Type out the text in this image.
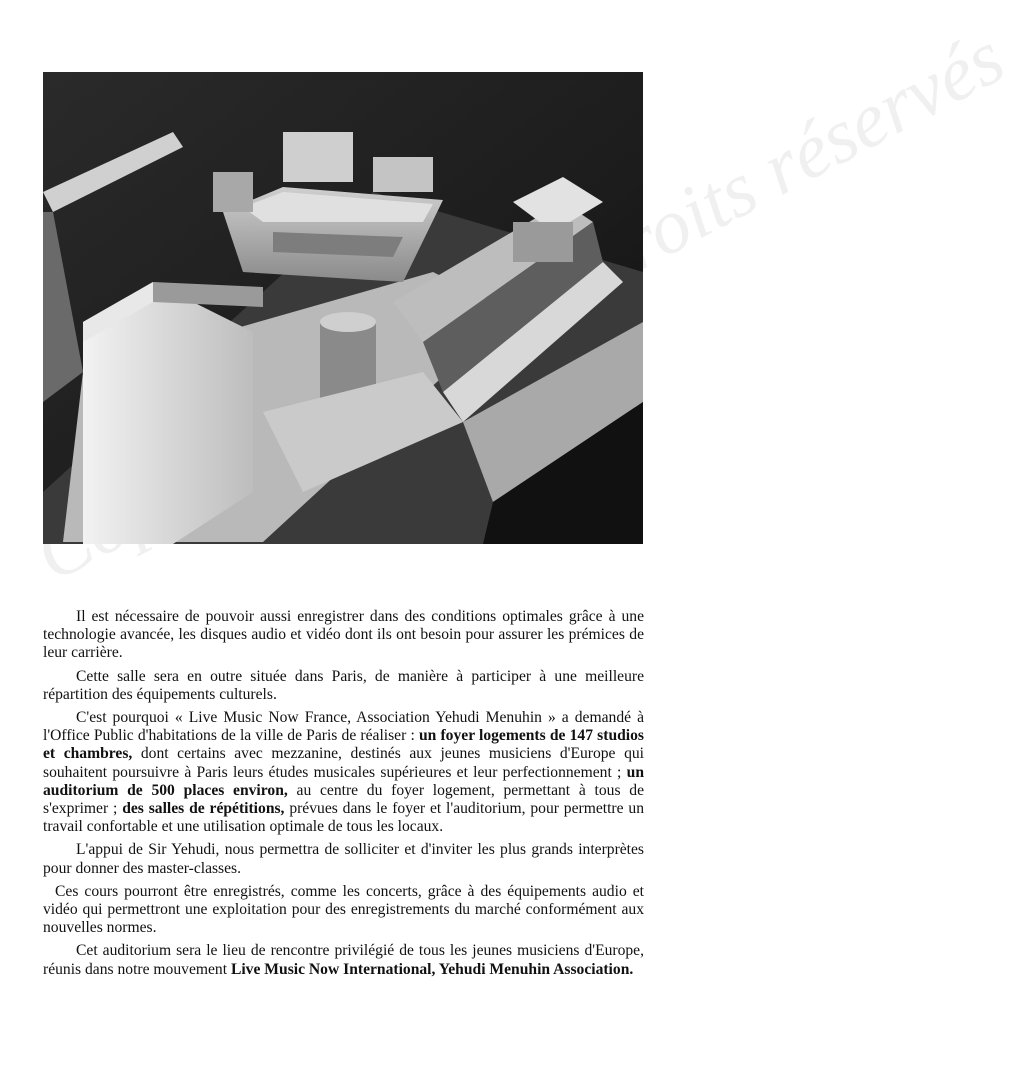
droits réservés

Il est nécessaire de pouvoir aussi enregistrer dans des conditions optimales grâce à une technologie avancée, les disques audio et vidéo dont ils ont besoin pour assurer les prémices de leur carrière.

Cette salle sera en outre située dans Paris, de manière à participer à une meilleure répartition des équipements culturels.

C'est pourquoi « Live Music Now France, Association Yehudi Menuhin » a demandé à l'Office Public d'habitations de la ville de Paris de réaliser : un foyer logements de 147 studios et chambres, dont certains avec mezzanine, destinés aux jeunes musiciens d'Europe qui souhaitent poursuivre à Paris leurs études musicales supérieures et leur perfectionnement ; un auditorium de 500 places environ, au centre du foyer logement, permettant à tous de s'exprimer ; des salles de répétitions, prévues dans le foyer et l'auditorium, pour permettre un travail confortable et une utilisation optimale de tous les locaux.

L'appui de Sir Yehudi, nous permettra de solliciter et d'inviter les plus grands interprètes pour donner des master-classes.

Ces cours pourront être enregistrés, comme les concerts, grâce à des équipements audio et vidéo qui permettront une exploitation pour des enregistrements du marché conformément aux nouvelles normes.

Cet auditorium sera le lieu de rencontre privilégié de tous les jeunes musiciens d'Europe, réunis dans notre mouvement Live Music Now International, Yehudi Menuhin Association.
